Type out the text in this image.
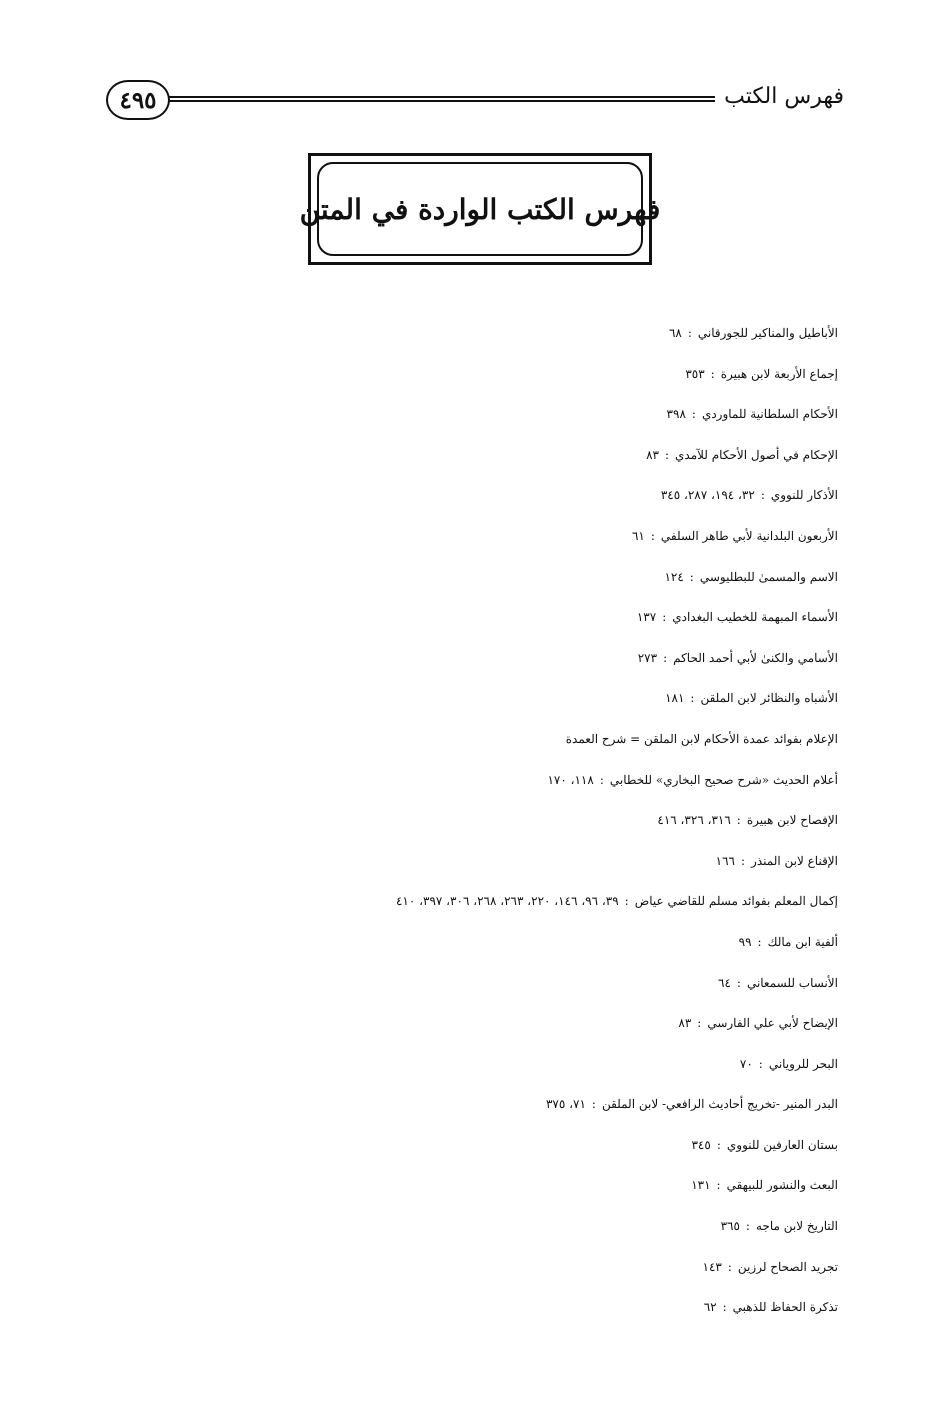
٤٩٥	فهرس الكتب
فهرس الكتب الواردة في المتن
الأباطيل والمناكير للجورقاني:٦٨
إجماع الأربعة لابن هبيرة:٣٥٣
الأحكام السلطانية للماوردي:٣٩٨
الإحكام في أصول الأحكام للآمدي:٨٣
الأذكار للنووي:٣٢، ١٩٤، ٢٨٧، ٣٤٥
الأربعون البلدانية لأبي طاهر السلفي:٦١
الاسم والمسمىٰ للبطليوسي:١٢٤
الأسماء المبهمة للخطيب البغدادي:١٣٧
الأسامي والكنىٰ لأبي أحمد الحاكم:٢٧٣
الأشباه والنظائر لابن الملقن:١٨١
الإعلام بفوائد عمدة الأحكام لابن الملقن = شرح العمدة
أعلام الحديث «شرح صحيح البخاري» للخطابي:١١٨، ١٧٠
الإفصاح لابن هبيرة:٣١٦، ٣٢٦، ٤١٦
الإقناع لابن المنذر:١٦٦
إكمال المعلم بفوائد مسلم للقاضي عياض:٣٩، ٩٦، ١٤٦، ٢٢٠، ٢٦٣، ٢٦٨، ٣٠٦، ٣٩٧، ٤١٠
ألفية ابن مالك:٩٩
الأنساب للسمعاني:٦٤
الإيضاح لأبي علي الفارسي:٨٣
البحر للروياني:٧٠
البدر المنير -تخريج أحاديث الرافعي- لابن الملقن:٧١، ٣٧٥
بستان العارفين للنووي:٣٤٥
البعث والنشور للبيهقي:١٣١
التاريخ لابن ماجه:٣٦٥
تجريد الصحاح لرزين:١٤٣
تذكرة الحفاظ للذهبي:٦٢
